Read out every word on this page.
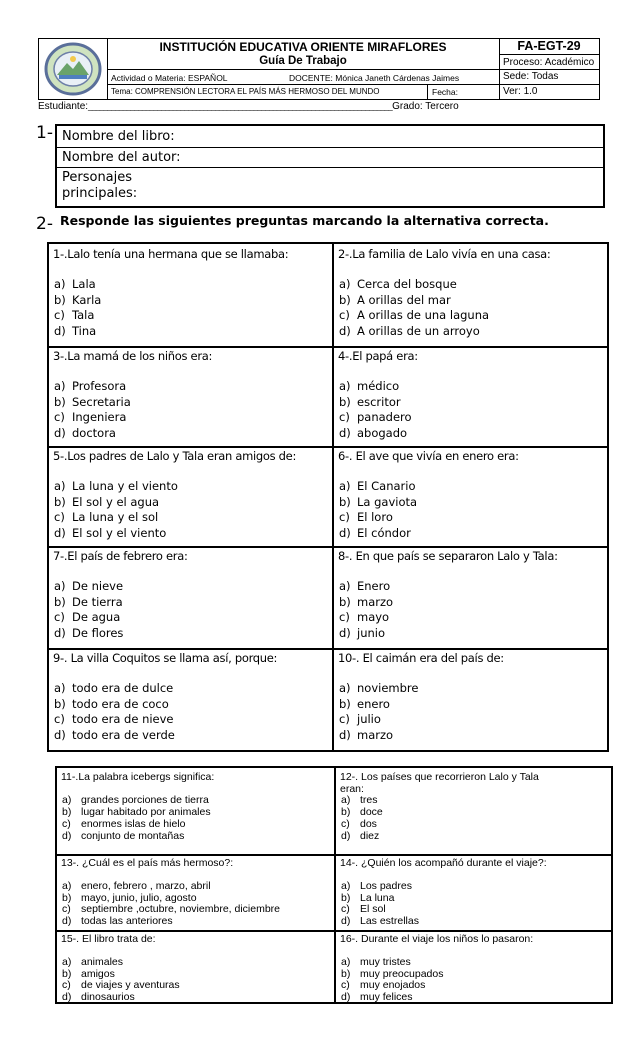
INSTITUCIÓN EDUCATIVA ORIENTE MIRAFLORES
Guía De Trabajo
FA-EGT-29
Proceso: Académico
Actividad o Materia: ESPAÑOL	DOCENTE: Mónica Janeth Cárdenas Jaimes	Sede: Todas
Tema: COMPRENSIÓN LECTORA EL PAÍS MÁS HERMOSO DEL MUNDO	Fecha:	Ver: 1.0
Estudiante:_______________________________________________________________________________Grado: Tercero
1- Nombre del libro:
Nombre del autor:
Personajes
principales:
2- Responde las siguientes preguntas marcando la alternativa correcta.
1-.Lalo tenía una hermana que se llamaba:
a) Lala
b) Karla
c) Tala
d) Tina
2-.La familia de Lalo vivía en una casa:
a) Cerca del bosque
b) A orillas del mar
c) A orillas de una laguna
d) A orillas de un arroyo
3-.La mamá de los niños era:
a) Profesora
b) Secretaria
c) Ingeniera
d) doctora
4-.El papá era:
a) médico
b) escritor
c) panadero
d) abogado
5-.Los padres de Lalo y Tala eran amigos de:
a) La luna y el viento
b) El sol y el agua
c) La luna y el sol
d) El sol y el viento
6-. El ave que vivía en enero era:
a) El Canario
b) La gaviota
c) El loro
d) El cóndor
7-.El país de febrero era:
a) De nieve
b) De tierra
c) De agua
d) De flores
8-. En que país se separaron Lalo y Tala:
a) Enero
b) marzo
c) mayo
d) junio
9-. La villa Coquitos se llama así, porque:
a) todo era de dulce
b) todo era de coco
c) todo era de nieve
d) todo era de verde
10-. El caimán era del país de:
a) noviembre
b) enero
c) julio
d) marzo
11-.La palabra icebergs significa:
a) grandes porciones de tierra
b) lugar habitado por animales
c) enormes islas de hielo
d) conjunto de montañas
12-. Los países que recorrieron Lalo y Tala
eran:
a) tres
b) doce
c) dos
d) diez
13-. ¿Cuál es el país más hermoso?:
a) enero, febrero , marzo, abril
b) mayo, junio, julio, agosto
c) septiembre ,octubre, noviembre, diciembre
d) todas las anteriores
14-. ¿Quién los acompañó durante el viaje?:
a) Los padres
b) La luna
c) El sol
d) Las estrellas
15-. El libro trata de:
a) animales
b) amigos
c) de viajes y aventuras
d) dinosaurios
16-. Durante el viaje los niños lo pasaron:
a) muy tristes
b) muy preocupados
c) muy enojados
d) muy felices
